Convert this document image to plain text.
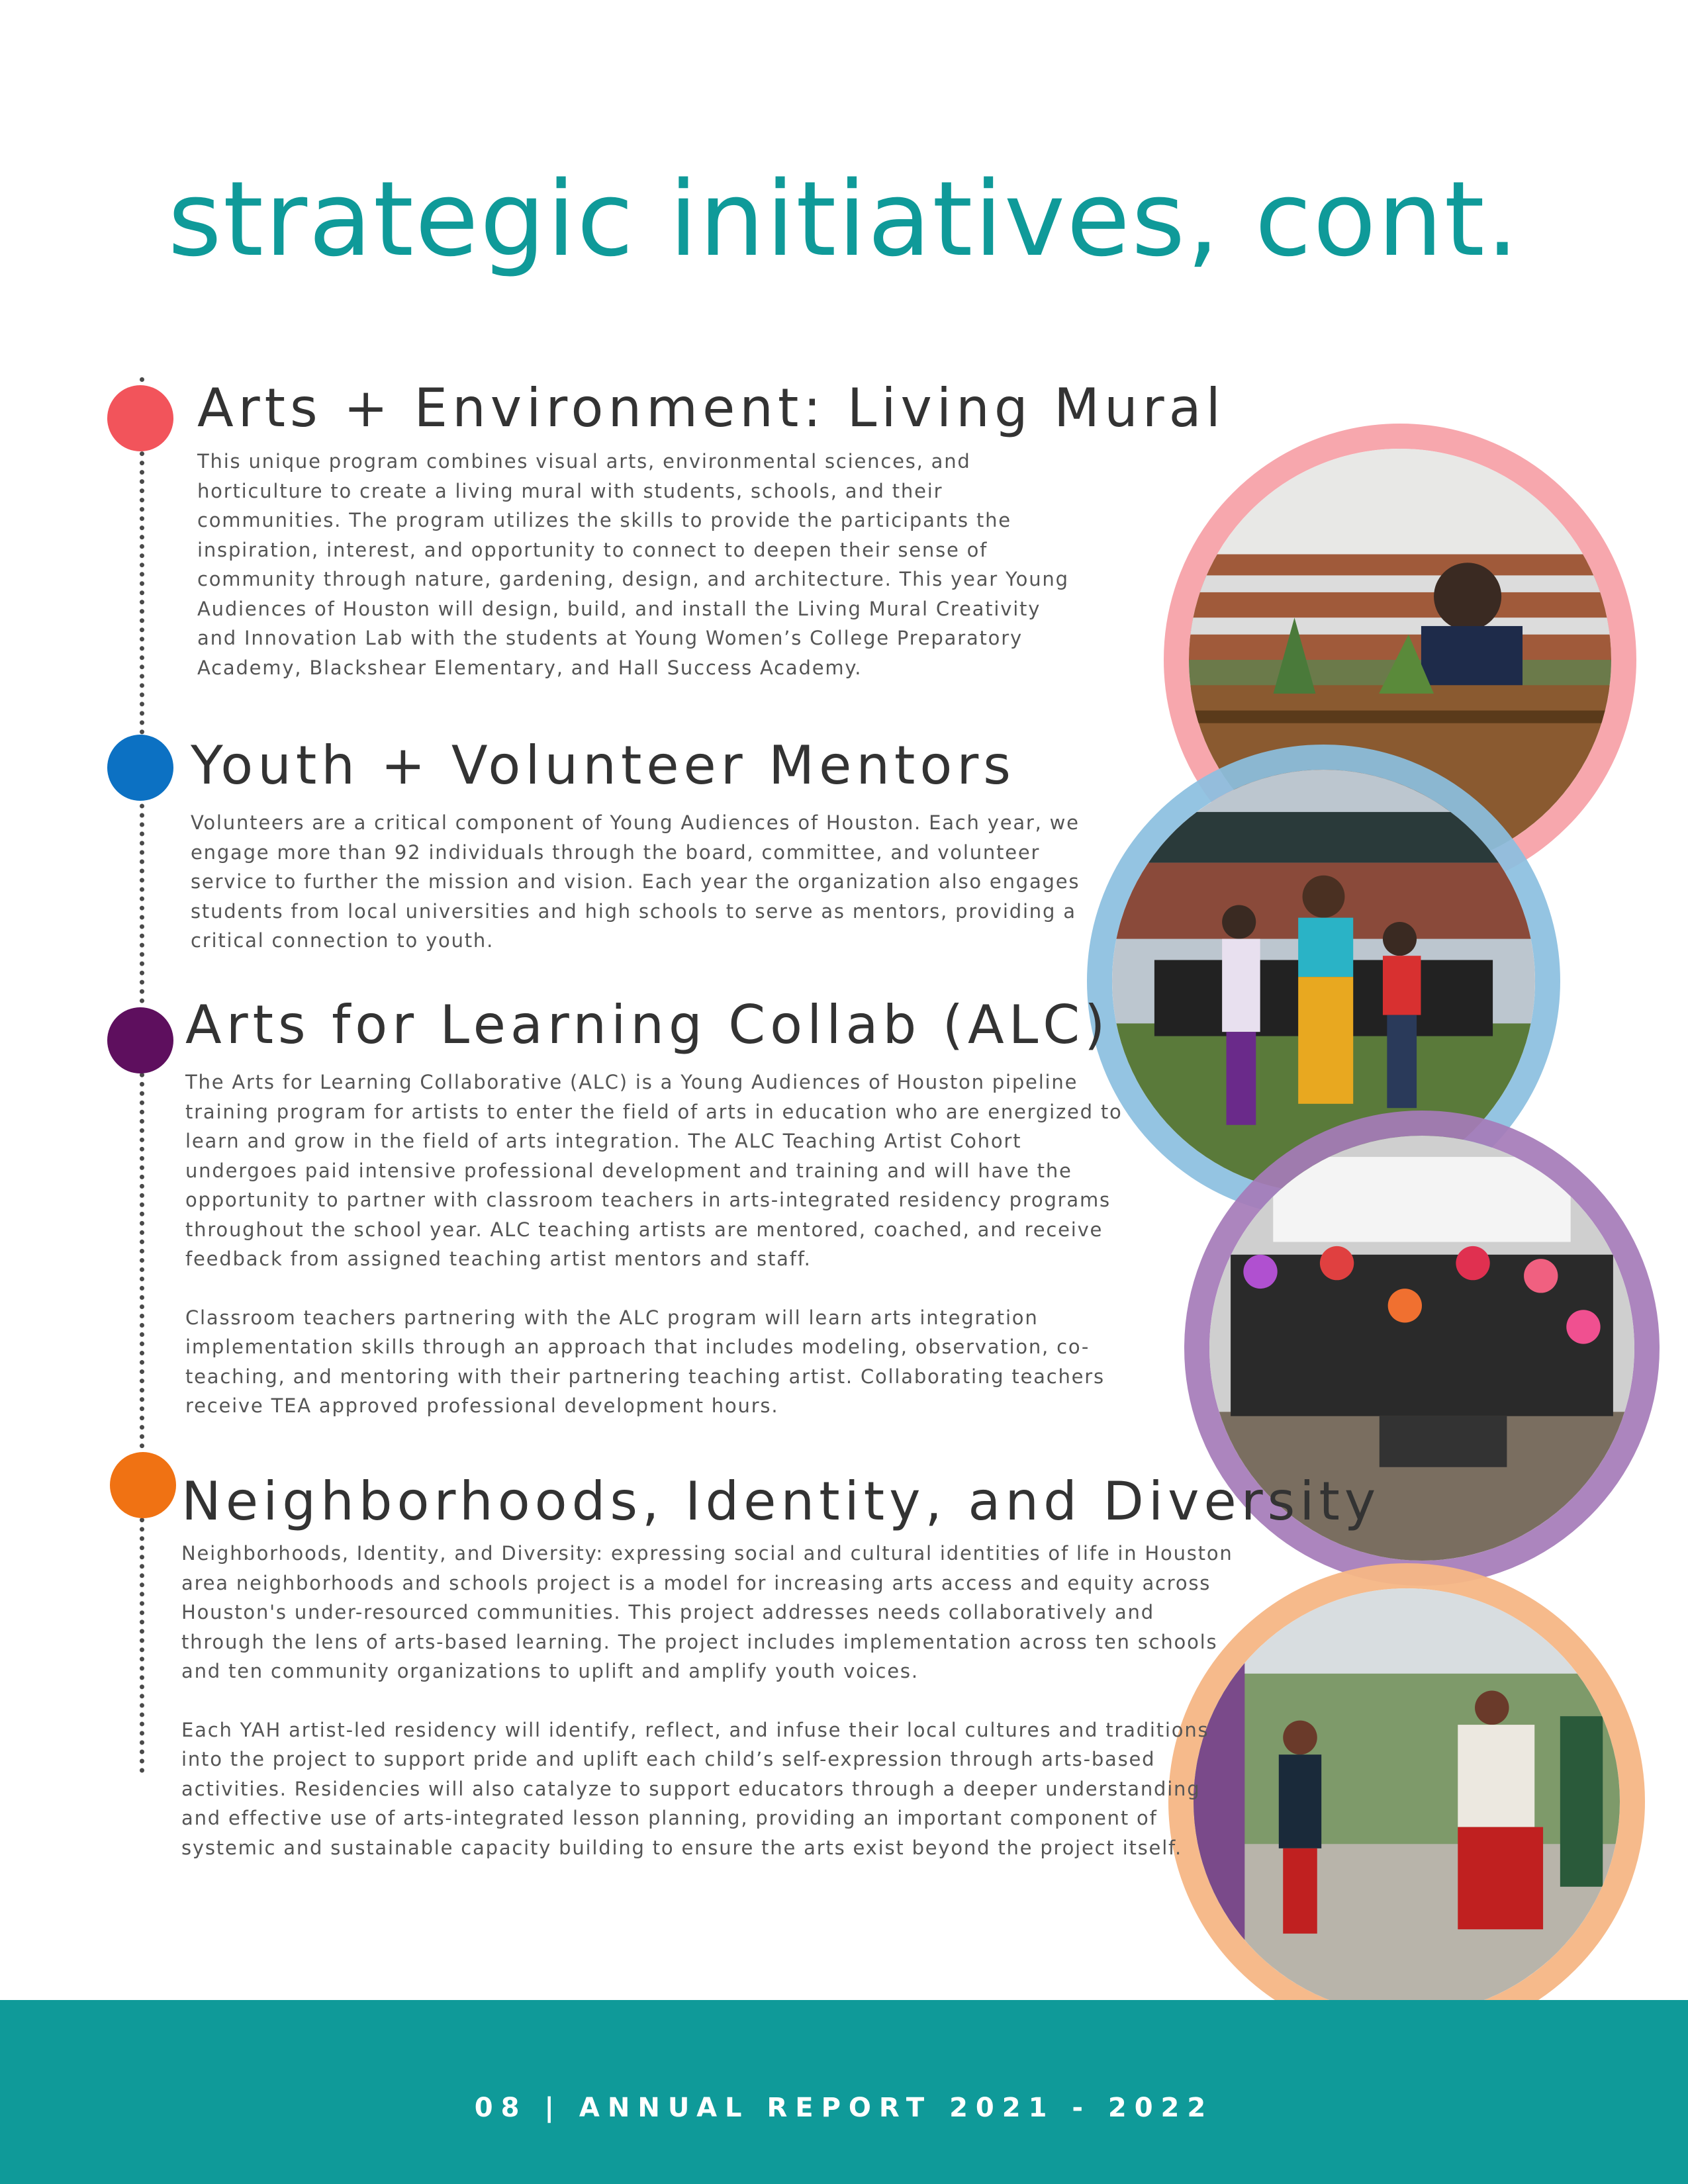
strategic initiatives, cont.
Arts + Environment: Living Mural

This unique program combines visual arts, environmental sciences, and
horticulture to create a living mural with students, schools, and their
communities. The program utilizes the skills to provide the participants the
inspiration, interest, and opportunity to connect to deepen their sense of
community through nature, gardening, design, and architecture. This year Young
Audiences of Houston will design, build, and install the Living Mural Creativity
and Innovation Lab with the students at Young Women’s College Preparatory
Academy, Blackshear Elementary, and Hall Success Academy.

Youth + Volunteer Mentors

Volunteers are a critical component of Young Audiences of Houston. Each year, we
engage more than 92 individuals through the board, committee, and volunteer
service to further the mission and vision. Each year the organization also engages
students from local universities and high schools to serve as mentors, providing a
critical connection to youth.

Arts for Learning Collab (ALC)

The Arts for Learning Collaborative (ALC) is a Young Audiences of Houston pipeline
training program for artists to enter the field of arts in education who are energized to
learn and grow in the field of arts integration. The ALC Teaching Artist Cohort
undergoes paid intensive professional development and training and will have the
opportunity to partner with classroom teachers in arts-integrated residency programs
throughout the school year. ALC teaching artists are mentored, coached, and receive
feedback from assigned teaching artist mentors and staff.

Classroom teachers partnering with the ALC program will learn arts integration
implementation skills through an approach that includes modeling, observation, co-
teaching, and mentoring with their partnering teaching artist. Collaborating teachers
receive TEA approved professional development hours.

Neighborhoods, Identity, and Diversity

Neighborhoods, Identity, and Diversity: expressing social and cultural identities of life in Houston
area neighborhoods and schools project is a model for increasing arts access and equity across
Houston's under-resourced communities. This project addresses needs collaboratively and
through the lens of arts-based learning. The project includes implementation across ten schools
and ten community organizations to uplift and amplify youth voices.

Each YAH artist-led residency will identify, reflect, and infuse their local cultures and traditions
into the project to support pride and uplift each child’s self-expression through arts-based
activities. Residencies will also catalyze to support educators through a deeper understanding
and effective use of arts-integrated lesson planning, providing an important component of
systemic and sustainable capacity building to ensure the arts exist beyond the project itself.

08 | ANNUAL REPORT 2021 - 2022
